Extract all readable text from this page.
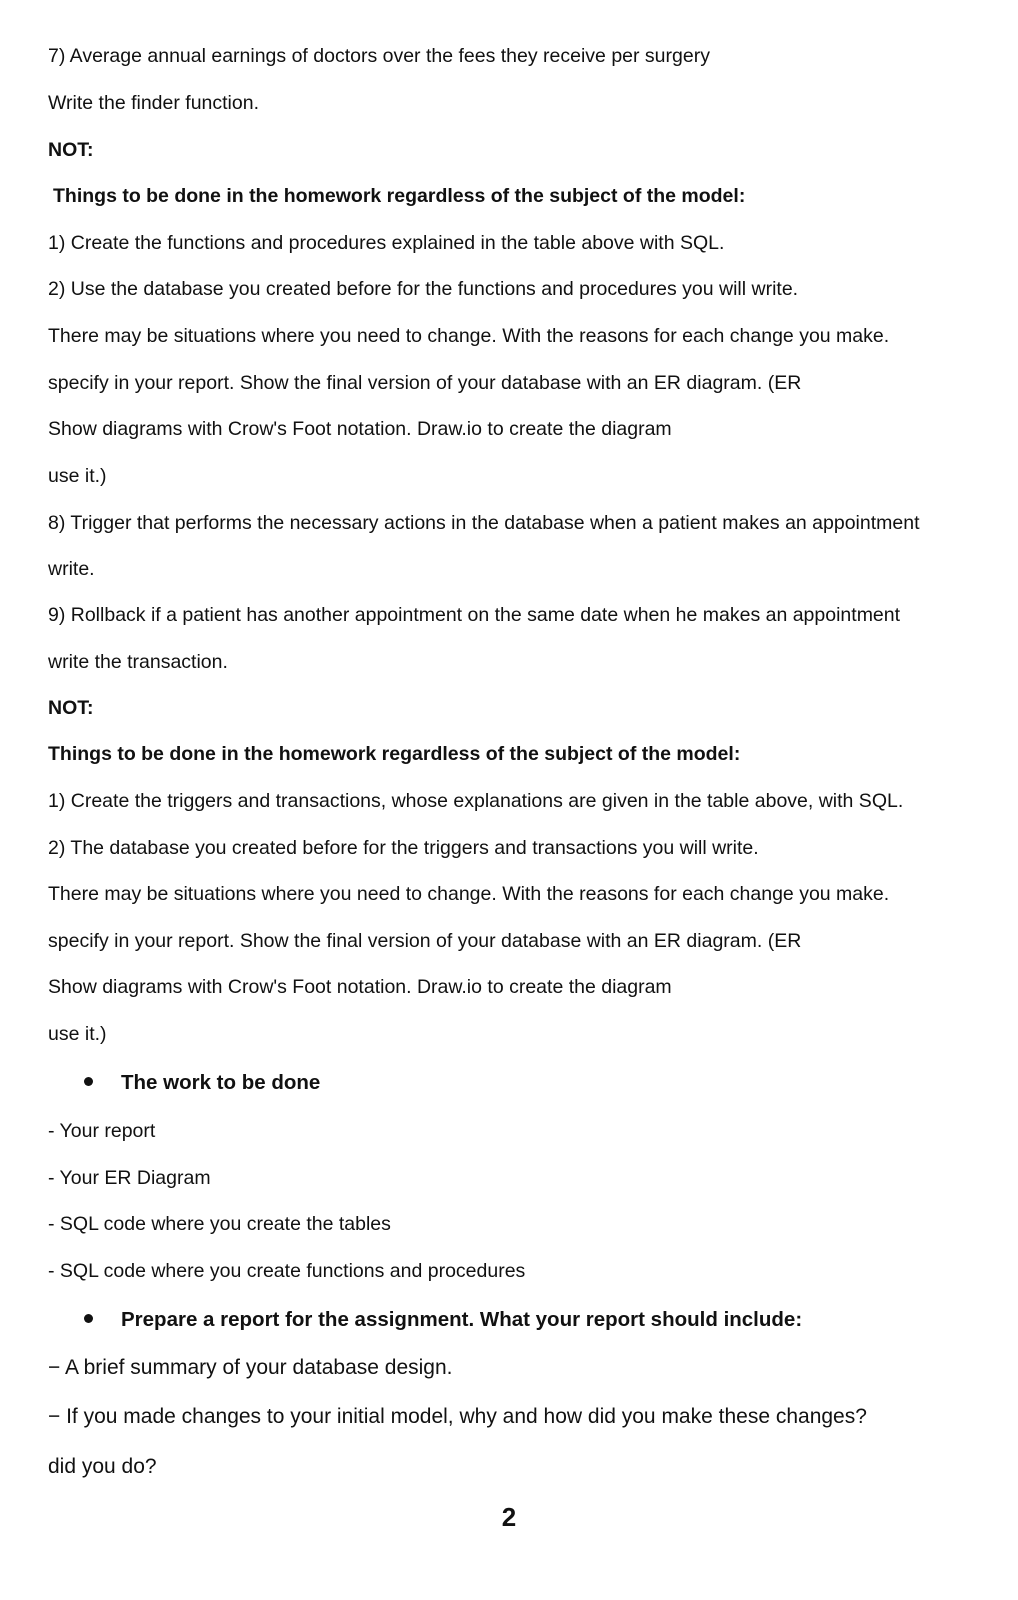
7) Average annual earnings of doctors over the fees they receive per surgery
Write the finder function.
NOT:
Things to be done in the homework regardless of the subject of the model:
1) Create the functions and procedures explained in the table above with SQL.
2) Use the database you created before for the functions and procedures you will write.
There may be situations where you need to change. With the reasons for each change you make.
specify in your report. Show the final version of your database with an ER diagram. (ER
Show diagrams with Crow's Foot notation. Draw.io to create the diagram
use it.)
8) Trigger that performs the necessary actions in the database when a patient makes an appointment
write.
9) Rollback if a patient has another appointment on the same date when he makes an appointment
write the transaction.
NOT:
Things to be done in the homework regardless of the subject of the model:
1) Create the triggers and transactions, whose explanations are given in the table above, with SQL.
2) The database you created before for the triggers and transactions you will write.
There may be situations where you need to change. With the reasons for each change you make.
specify in your report. Show the final version of your database with an ER diagram. (ER
Show diagrams with Crow's Foot notation. Draw.io to create the diagram
use it.)
The work to be done
- Your report
- Your ER Diagram
- SQL code where you create the tables
- SQL code where you create functions and procedures
Prepare a report for the assignment. What your report should include:
− A brief summary of your database design.
− If you made changes to your initial model, why and how did you make these changes?
did you do?
2
